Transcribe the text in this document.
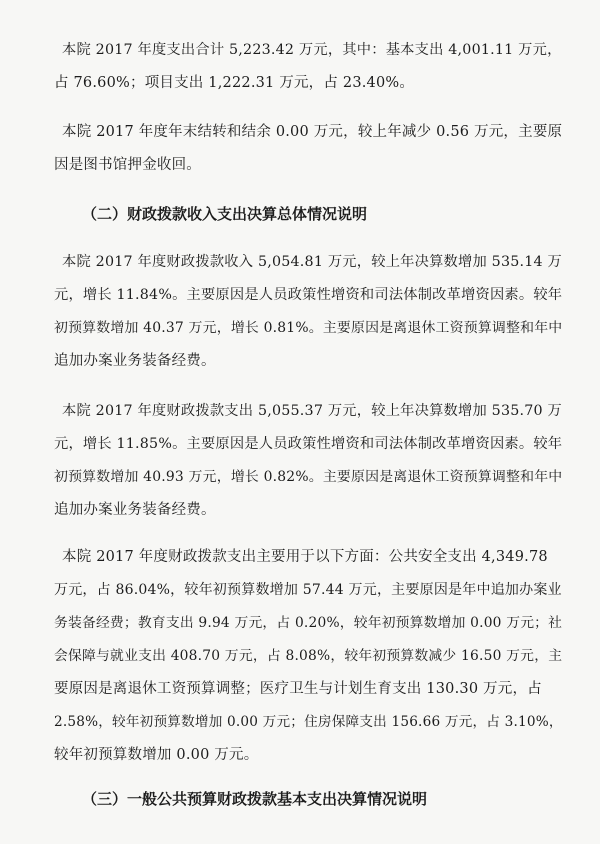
本院 2017 年度支出合计 5,223.42 万元，其中：基本支出 4,001.11 万元，
占 76.60%；项目支出 1,222.31 万元，占 23.40%。

本院 2017 年度年末结转和结余 0.00 万元，较上年减少 0.56 万元，主要原
因是图书馆押金收回。

（二）财政拨款收入支出决算总体情况说明

本院 2017 年度财政拨款收入 5,054.81 万元，较上年决算数增加 535.14 万
元，增长 11.84%。主要原因是人员政策性增资和司法体制改革增资因素。较年
初预算数增加 40.37 万元，增长 0.81%。主要原因是离退休工资预算调整和年中
追加办案业务装备经费。

本院 2017 年度财政拨款支出 5,055.37 万元，较上年决算数增加 535.70 万
元，增长 11.85%。主要原因是人员政策性增资和司法体制改革增资因素。较年
初预算数增加 40.93 万元，增长 0.82%。主要原因是离退休工资预算调整和年中
追加办案业务装备经费。

本院 2017 年度财政拨款支出主要用于以下方面：公共安全支出 4,349.78
万元，占 86.04%，较年初预算数增加 57.44 万元，主要原因是年中追加办案业
务装备经费；教育支出 9.94 万元，占 0.20%，较年初预算数增加 0.00 万元；社
会保障与就业支出 408.70 万元，占 8.08%，较年初预算数减少 16.50 万元，主
要原因是离退休工资预算调整；医疗卫生与计划生育支出 130.30 万元，占
2.58%，较年初预算数增加 0.00 万元；住房保障支出 156.66 万元，占 3.10%，
较年初预算数增加 0.00 万元。

（三）一般公共预算财政拨款基本支出决算情况说明
